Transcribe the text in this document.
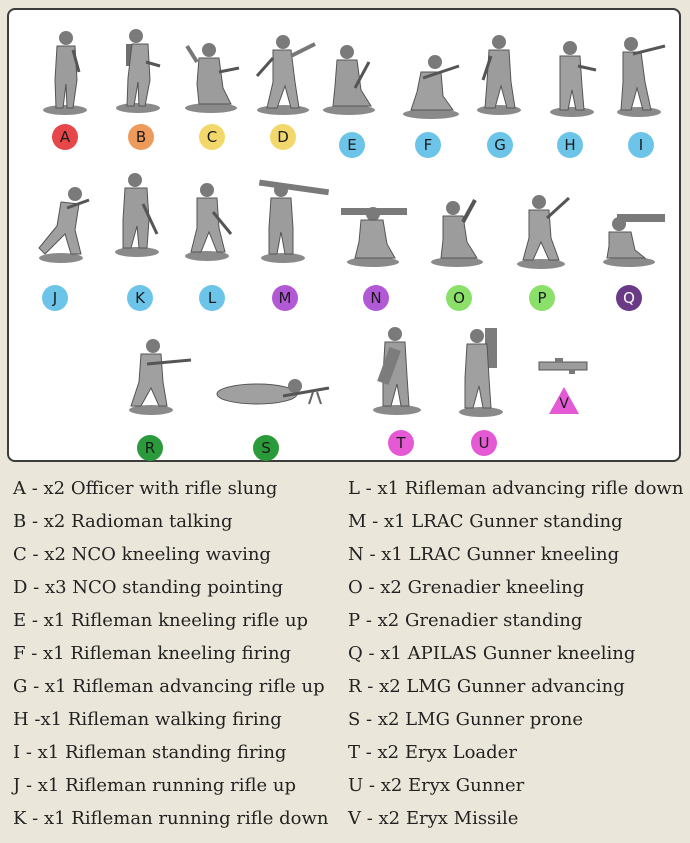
A	B	C	D	E	F	G	H	I
J	K	L	M	N	O	P	Q
R	S	T	U
V
A - x2 Officer with rifle slung
B - x2 Radioman talking
C - x2 NCO kneeling waving
D - x3 NCO standing pointing
E - x1 Rifleman kneeling rifle up
F - x1 Rifleman kneeling firing
G - x1 Rifleman advancing rifle up
H -x1 Rifleman walking firing
I - x1 Rifleman standing firing
J - x1 Rifleman running rifle up
K - x1 Rifleman running rifle down
L - x1 Rifleman advancing rifle down
M - x1 LRAC Gunner standing
N - x1 LRAC Gunner kneeling
O - x2 Grenadier kneeling
P - x2 Grenadier standing
Q - x1 APILAS Gunner kneeling
R - x2 LMG Gunner advancing
S - x2 LMG Gunner prone
T - x2 Eryx Loader
U - x2 Eryx Gunner
V - x2 Eryx Missile
